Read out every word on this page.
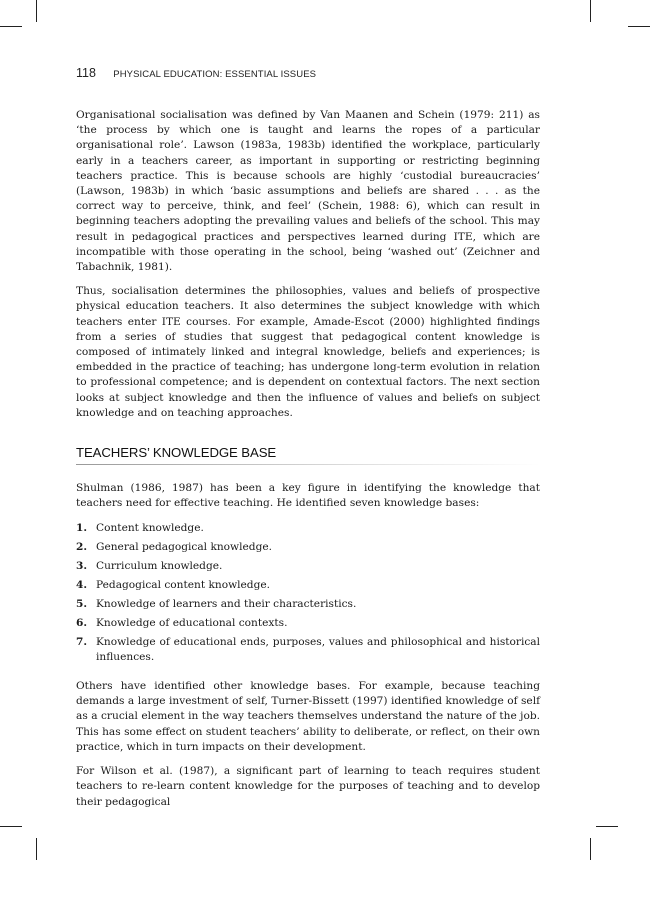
118 PHYSICAL EDUCATION: ESSENTIAL ISSUES

Organisational socialisation was defined by Van Maanen and Schein (1979: 211) as ‘the process by which one is taught and learns the ropes of a particular organisational role’. Lawson (1983a, 1983b) identified the workplace, particularly early in a teachers career, as important in supporting or restricting beginning teachers practice. This is because schools are highly ‘custodial bureaucracies’ (Lawson, 1983b) in which ‘basic assumptions and beliefs are shared . . . as the correct way to perceive, think, and feel’ (Schein, 1988: 6), which can result in beginning teachers adopting the prevailing values and beliefs of the school. This may result in pedagogical practices and perspectives learned during ITE, which are incompatible with those operating in the school, being ‘washed out’ (Zeichner and Tabachnik, 1981).

Thus, socialisation determines the philosophies, values and beliefs of prospective physical education teachers. It also determines the subject knowledge with which teachers enter ITE courses. For example, Amade-Escot (2000) highlighted findings from a series of studies that suggest that pedagogical content knowledge is composed of intimately linked and integral knowledge, beliefs and experiences; is embedded in the practice of teaching; has undergone long-term evolution in relation to professional competence; and is dependent on contextual factors. The next section looks at subject knowledge and then the influence of values and beliefs on subject knowledge and on teaching approaches.

TEACHERS’ KNOWLEDGE BASE

Shulman (1986, 1987) has been a key figure in identifying the knowledge that teachers need for effective teaching. He identified seven knowledge bases:

1. Content knowledge.
2. General pedagogical knowledge.
3. Curriculum knowledge.
4. Pedagogical content knowledge.
5. Knowledge of learners and their characteristics.
6. Knowledge of educational contexts.
7. Knowledge of educational ends, purposes, values and philosophical and historical influences.

Others have identified other knowledge bases. For example, because teaching demands a large investment of self, Turner-Bissett (1997) identified knowledge of self as a crucial element in the way teachers themselves understand the nature of the job. This has some effect on student teachers’ ability to deliberate, or reflect, on their own practice, which in turn impacts on their development.

For Wilson et al. (1987), a significant part of learning to teach requires student teachers to re-learn content knowledge for the purposes of teaching and to develop their pedagogical
